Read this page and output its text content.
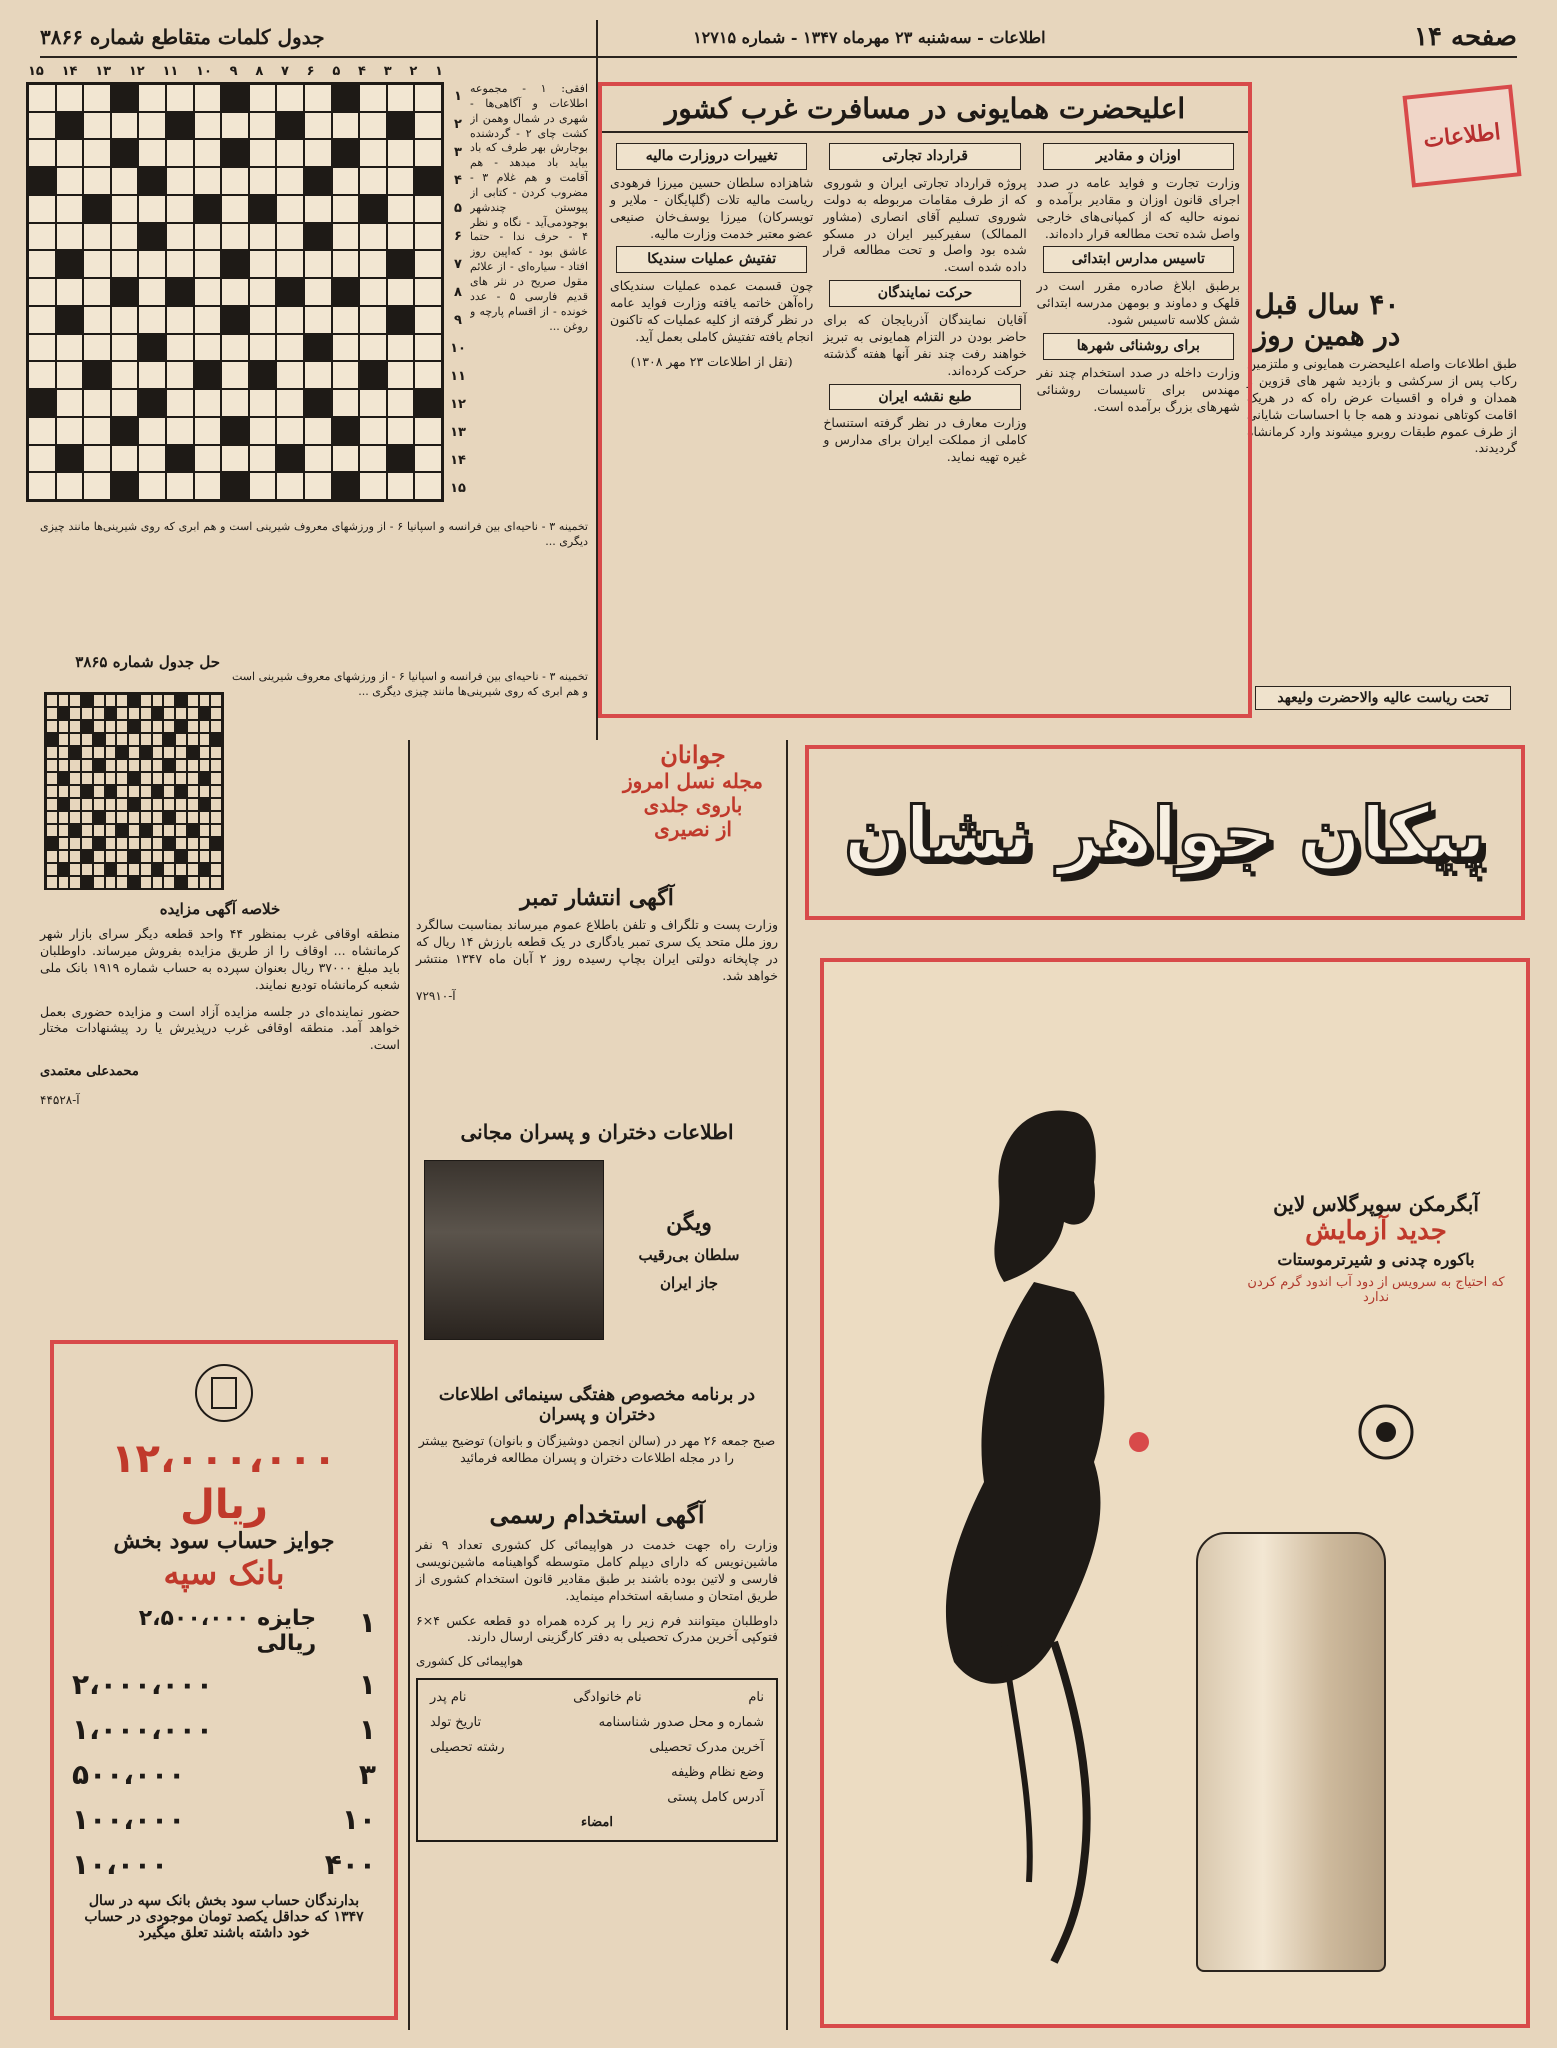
صفحه ۱۴
اطلاعات - سه‌شنبه ۲۳ مهرماه ۱۳۴۷ - شماره ۱۲۷۱۵
جدول کلمات متقاطع شماره ۳۸۶۶
اطلاعات
۴۰ سال قبل در همین روز
طبق اطلاعات واصله اعلیحضرت همایونی و ملتزمین رکاب پس از سرکشی و بازدید شهر های قزوین و همدان و فراه و اقسیات عرض راه که در هریک اقامت کوتاهی نمودند و همه جا با احساسات شایانی از طرف عموم طبقات روبرو میشوند وارد کرمانشاه گردیدند.
تحت ریاست عالیه والاحضرت ولیعهد
اعلیحضرت همایونی در مسافرت غرب کشور
اوزان و مقادیر

وزارت تجارت و فواید عامه در صدد اجرای قانون اوزان و مقادیر برآمده و نمونه حالیه که از کمپانی‌های خارجی واصل شده تحت مطالعه قرار داده‌اند.

تاسیس مدارس ابتدائی

برطبق ابلاغ صادره مقرر است در قلهک و دماوند و بومهن مدرسه ابتدائی شش کلاسه تاسیس شود.

برای روشنائی شهرها

وزارت داخله در صدد استخدام چند نفر مهندس برای تاسیسات روشنائی شهرهای بزرگ برآمده است.

قرارداد تجارتی

پروژه قرارداد تجارتی ایران و شوروی که از طرف مقامات مربوطه به دولت شوروی تسلیم آقای انصاری (مشاور الممالک) سفیرکبیر ایران در مسکو شده بود واصل و تحت مطالعه قرار داده شده است.

حرکت نمایندگان

آقایان نمایندگان آذربایجان که برای حاضر بودن در التزام همایونی به تبریز خواهند رفت چند نفر آنها هفته گذشته حرکت کرده‌اند.

طبع نقشه ایران

وزارت معارف در نظر گرفته استنساخ کاملی از مملکت ایران برای مدارس و غیره تهیه نماید.

تغییرات دروزارت مالیه

شاهزاده سلطان حسین میرزا فرهودی ریاست مالیه تلات (گلپایگان - ملایر و تویسرکان) میرزا یوسف‌خان صنیعی عضو معتبر خدمت وزارت مالیه.

تفتیش عملیات سندیکا

چون قسمت عمده عملیات سندیکای راه‌آهن خاتمه یافته وزارت فواید عامه در نظر گرفته از کلیه عملیات که تاکنون انجام یافته تفتیش کاملی بعمل آید.

(نقل از اطلاعات ۲۳ مهر ۱۳۰۸)

۱۵ ۱۴ ۱۳ ۱۲ ۱۱ ۱۰ ۹ ۸ ۷ ۶ ۵ ۴ ۳ ۲ ۱
۱
۲
۳
۴
۵
۶
۷
۸
۹
۱۰
۱۱
۱۲
۱۳
۱۴
۱۵
افقی: ۱ - مجموعه اطلاعات و آگاهی‌ها - شهری در شمال وهمن از کشت چای ۲ - گردشنده بوجارش بهر طرف که باد بیاید باد میدهد - هم آقامت و هم غلام ۳ - مضروب کردن - کتابی از پیوستن چندشهر بوجودمی‌آید - نگاه و نظر ۴ - حرف ندا - حتما عاشق بود - که‌اپین روز افتاد - سیاره‌ای - از علائم مقول صریح در نثر های قدیم فارسی ۵ - عدد خونده - از اقسام پارچه و روغن ...
تخمینه ۳ - ناحیه‌ای بین فرانسه و اسپانیا ۶ - از ورزشهای معروف شیرینی است و هم ابری که روی شیرینی‌ها مانند چیزی دیگری ...
حل جدول شماره ۳۸۶۵
تخمینه ۳ - ناحیه‌ای بین فرانسه و اسپانیا ۶ - از ورزشهای معروف شیرینی است و هم ابری که روی شیرینی‌ها مانند چیزی دیگری ...
جوانان
مجله نسل امروز
باروی جلدی
از نصیری	پیکان جواهر نشان
آبگرمکن سوپرگلاس لاین
جدید آزمایش
باکوره چدنی و شیرترموستات
که احتیاج به سرویس از دود آب اندود گرم کردن ندارد
خلاصه آگهی مزایده

منطقه اوقافی غرب بمنظور ۴۴ واحد قطعه دیگر سرای بازار شهر کرمانشاه ... اوقاف را از طریق مزایده بفروش میرساند. داوطلبان باید مبلغ ۳۷۰۰۰ ریال بعنوان سپرده به حساب شماره ۱۹۱۹ بانک ملی شعبه کرمانشاه تودیع نمایند.

حضور نماینده‌ای در جلسه مزایده آزاد است و مزایده حضوری بعمل خواهد آمد. منطقه اوقافی غرب درپذیرش یا رد پیشنهادات مختار است.

محمدعلی معتمدی
آ-۴۴۵۲۸
۱۲،۰۰۰،۰۰۰ ریال
جوایز حساب سود بخش
بانک سپه
۱
جایزه ۲،۵۰۰،۰۰۰ ریالی
۱
۲،۰۰۰،۰۰۰
۱
۱،۰۰۰،۰۰۰
۳
۵۰۰،۰۰۰
۱۰
۱۰۰،۰۰۰
۴۰۰
۱۰،۰۰۰
بدارندگان حساب سود بخش بانک سپه در سال ۱۳۴۷ که حداقل یکصد تومان موجودی در حساب خود داشته باشند تعلق میگیرد
آگهی انتشار تمبر

وزارت پست و تلگراف و تلفن باطلاع عموم میرساند بمناسبت سالگرد روز ملل متحد یک سری تمبر یادگاری در یک قطعه بارزش ۱۴ ریال که در چاپخانه دولتی ایران بچاپ رسیده روز ۲ آبان ماه ۱۳۴۷ منتشر خواهد شد.

آ-۷۲۹۱۰
اطلاعات دختران و پسران مجانی
ویگن
سلطان بی‌رقیب
جاز ایران
در برنامه مخصوص هفتگی سینمائی اطلاعات دختران و پسران
صبح جمعه ۲۶ مهر در (سالن انجمن دوشیزگان و بانوان) توضیح بیشتر را در مجله اطلاعات دختران و پسران مطالعه فرمائید
آگهی استخدام رسمی

وزارت راه جهت خدمت در هواپیمائی کل کشوری تعداد ۹ نفر ماشین‌نویس که دارای دیپلم کامل متوسطه گواهینامه ماشین‌نویسی فارسی و لاتین بوده باشند بر طبق مقادیر قانون استخدام کشوری از طریق امتحان و مسابقه استخدام مینماید.

داوطلبان میتوانند فرم زیر را پر کرده همراه دو قطعه عکس ۴×۶ فتوکپی آخرین مدرک تحصیلی به دفتر کارگزینی ارسال دارند.

هواپیمائی کل کشوری
نام
نام خانوادگی
نام پدر
شماره و محل صدور شناسنامه
تاریخ تولد
آخرین مدرک تحصیلی
رشته تحصیلی
وضع نظام وظیفه
آدرس کامل پستی
امضاء
